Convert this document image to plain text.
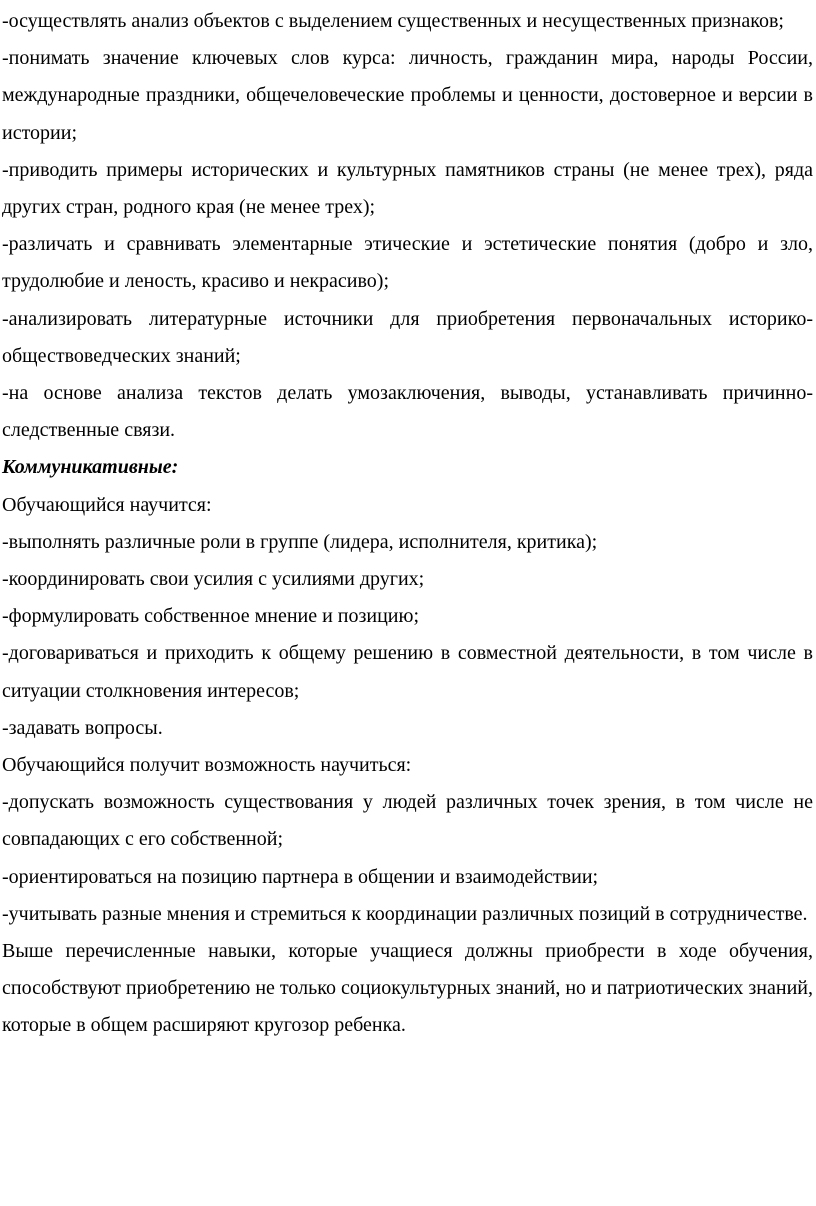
-осуществлять анализ объектов с выделением существенных и несущественных признаков;

-понимать значение ключевых слов курса: личность, гражданин мира, народы России, международные праздники, общечеловеческие проблемы и ценности, достоверное и версии в истории;

-приводить примеры исторических и культурных памятников страны (не менее трех), ряда других стран, родного края (не менее трех);

-различать и сравнивать элементарные этические и эстетические понятия (добро и зло, трудолюбие и леность, красиво и некрасиво);

-анализировать литературные источники для приобретения первоначальных историко- обществоведческих знаний;

-на основе анализа текстов делать умозаключения, выводы, устанавливать причинно- следственные связи.

Коммуникативные:

Обучающийся научится:

-выполнять различные роли в группе (лидера, исполнителя, критика);

-координировать свои усилия с усилиями других;

-формулировать собственное мнение и позицию;

-договариваться и приходить к общему решению в совместной деятельности, в том числе в ситуации столкновения интересов;

-задавать вопросы.

Обучающийся получит возможность научиться:

-допускать возможность существования у людей различных точек зрения, в том числе не совпадающих с его собственной;

-ориентироваться на позицию партнера в общении и взаимодействии;

-учитывать разные мнения и стремиться к координации различных позиций в сотрудничестве.

Выше перечисленные навыки, которые учащиеся должны приобрести в ходе обучения, способствуют приобретению не только социокультурных знаний, но и патриотических знаний, которые в общем расширяют кругозор ребенка.
